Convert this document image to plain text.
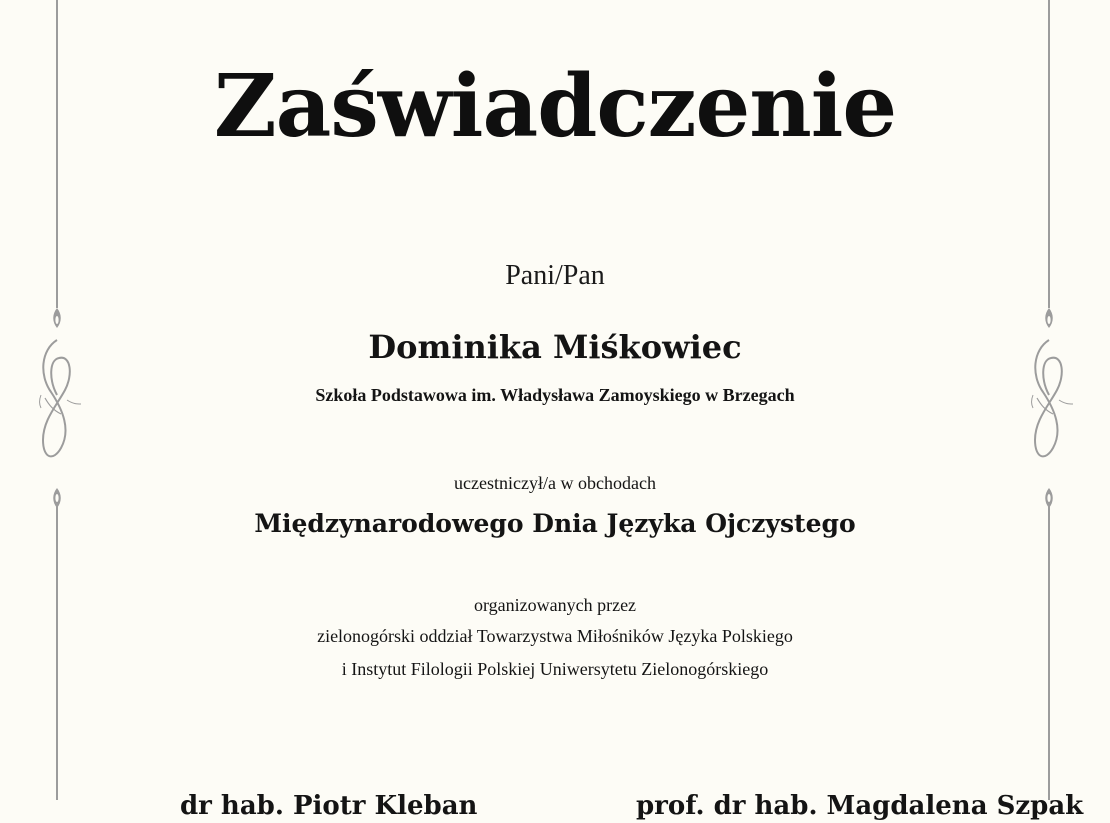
Zaświadczenie
Pani/Pan
Dominika Miśkowiec
Szkoła Podstawowa im. Władysława Zamoyskiego w Brzegach
uczestniczył/a w obchodach
Międzynarodowego Dnia Języka Ojczystego
organizowanych przez
zielonogórski oddział Towarzystwa Miłośników Języka Polskiego
i Instytut Filologii Polskiej Uniwersytetu Zielonogórskiego
dr hab. Piotr Kleban	prof. dr hab. Magdalena Szpak
